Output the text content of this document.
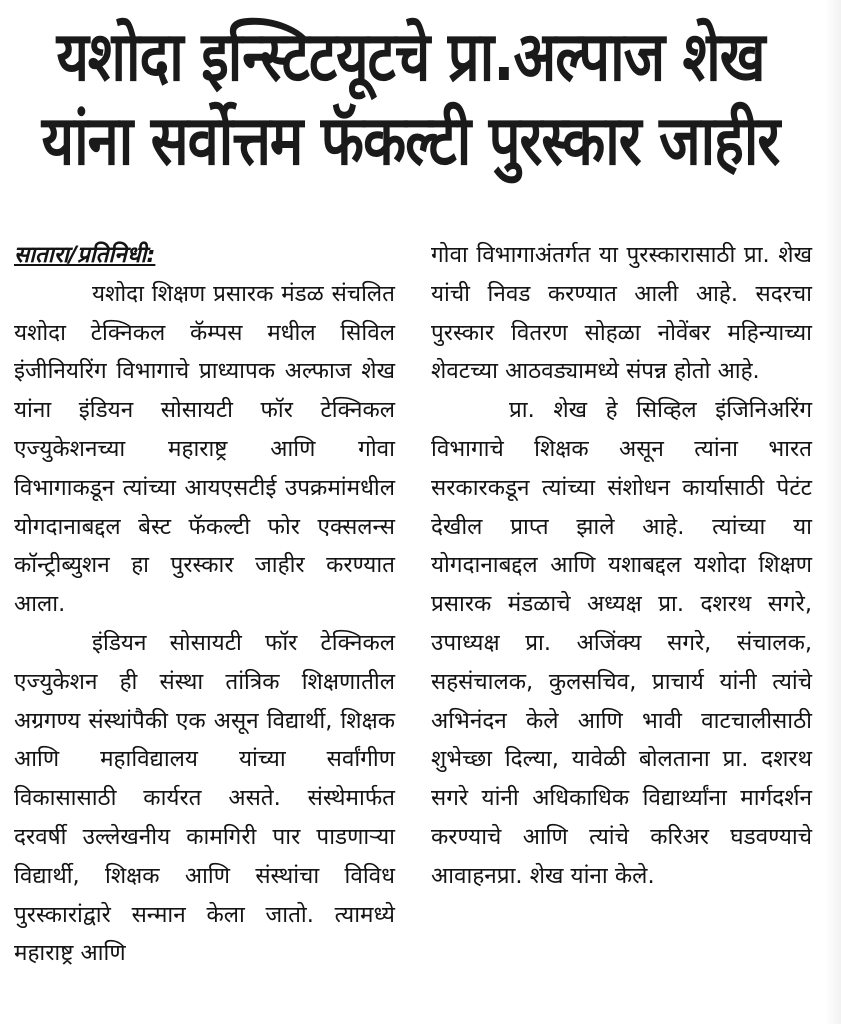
यशोदा इन्स्टिटयूटचे प्रा.अल्पाज शेख
यांना सर्वोत्तम फॅकल्टी पुरस्कार जाहीर

सातारा/प्रतिनिधी:
यशोदा शिक्षण प्रसारक मंडळ संचलित यशोदा टेक्निकल कॅम्पस मधील सिविल इंजीनियरिंग विभागाचे प्राध्यापक अल्फाज शेख यांना इंडियन सोसायटी फॉर टेक्निकल एज्युकेशनच्या महाराष्ट्र आणि गोवा विभागाकडून त्यांच्या आयएसटीई उपक्रमांमधील योगदानाबद्दल बेस्ट फॅकल्टी फोर एक्सलन्स कॉन्ट्रीब्युशन हा पुरस्कार जाहीर करण्यात आला.

इंडियन सोसायटी फॉर टेक्निकल एज्युकेशन ही संस्था तांत्रिक शिक्षणातील अग्रगण्य संस्थांपैकी एक असून विद्यार्थी, शिक्षक आणि महाविद्यालय यांच्या सर्वांगीण विकासासाठी कार्यरत असते. संस्थेमार्फत दरवर्षी उल्लेखनीय कामगिरी पार पाडणाऱ्या विद्यार्थी, शिक्षक आणि संस्थांचा विविध पुरस्कारांद्वारे सन्मान केला जातो. त्यामध्ये महाराष्ट्र आणि

गोवा विभागाअंतर्गत या पुरस्कारासाठी प्रा. शेख यांची निवड करण्यात आली आहे. सदरचा पुरस्कार वितरण सोहळा नोवेंबर महिन्याच्या शेवटच्या आठवड्यामध्ये संपन्न होतो आहे.

प्रा. शेख हे सिव्हिल इंजिनिअरिंग विभागाचे शिक्षक असून त्यांना भारत सरकारकडून त्यांच्या संशोधन कार्यासाठी पेटंट देखील प्राप्त झाले आहे. त्यांच्या या योगदानाबद्दल आणि यशाबद्दल यशोदा शिक्षण प्रसारक मंडळाचे अध्यक्ष प्रा. दशरथ सगरे, उपाध्यक्ष प्रा. अजिंक्य सगरे, संचालक, सहसंचालक, कुलसचिव, प्राचार्य यांनी त्यांचे अभिनंदन केले आणि भावी वाटचालीसाठी शुभेच्छा दिल्या, यावेळी बोलताना प्रा. दशरथ सगरे यांनी अधिकाधिक विद्यार्थ्यांना मार्गदर्शन करण्याचे आणि त्यांचे करिअर घडवण्याचे आवाहनप्रा. शेख यांना केले.
